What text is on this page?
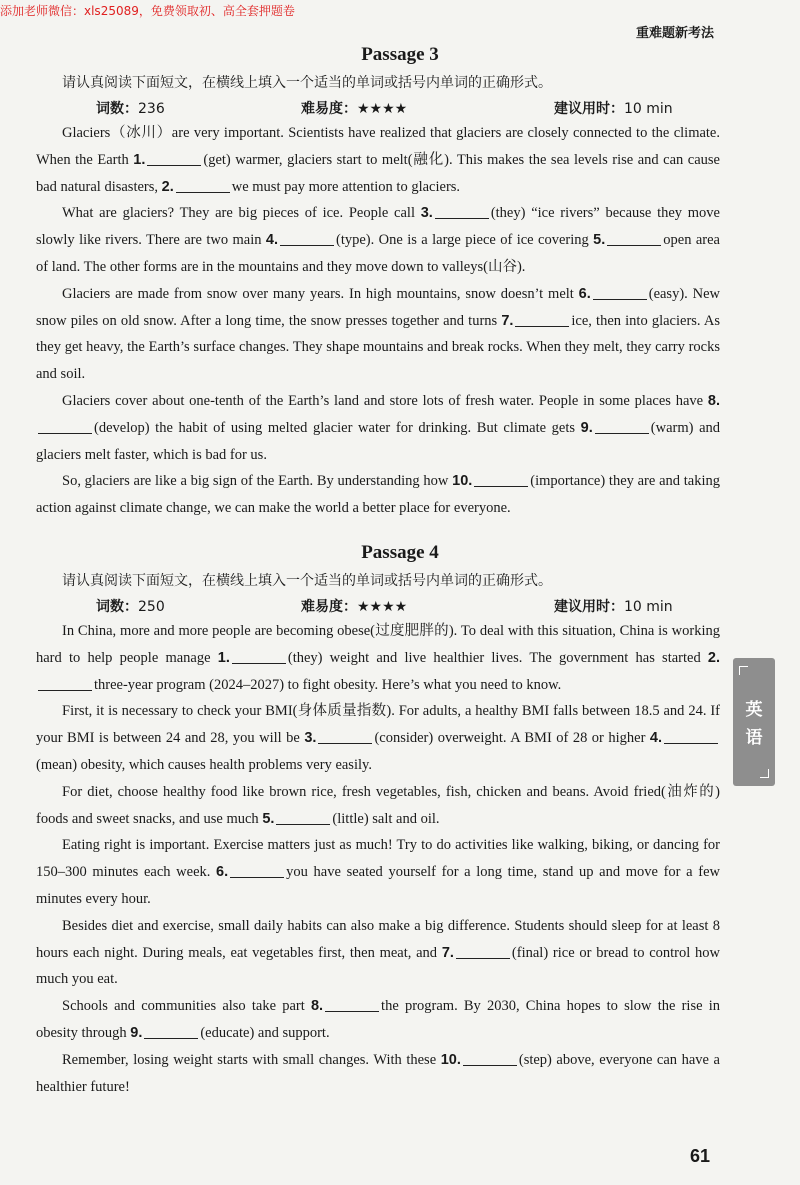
添加老师微信：xls25089，免费领取初、高全套押题卷
重难题新考法
Passage 3
请认真阅读下面短文，在横线上填入一个适当的单词或括号内单词的正确形式。
词数：236	难易度：★★★★	建议用时：10 min

Glaciers（冰川）are very important. Scientists have realized that glaciers are closely connected to the climate. When the Earth 1.	(get) warmer, glaciers start to melt(融化). This makes the sea levels rise and can cause bad natural disasters, 2.	we must pay more attention to glaciers.

What are glaciers? They are big pieces of ice. People call 3.	(they) “ice rivers” because they move slowly like rivers. There are two main 4.	(type). One is a large piece of ice covering 5.	open area of land. The other forms are in the mountains and they move down to valleys(山谷).

Glaciers are made from snow over many years. In high mountains, snow doesn’t melt 6.	(easy). New snow piles on old snow. After a long time, the snow presses together and turns 7.	ice, then into glaciers. As they get heavy, the Earth’s surface changes. They shape mountains and break rocks. When they melt, they carry rocks and soil.

Glaciers cover about one-tenth of the Earth’s land and store lots of fresh water. People in some places have 8.(develop) the habit of using melted glacier water for drinking. But climate gets 9.	(warm) and glaciers melt faster, which is bad for us.

So, glaciers are like a big sign of the Earth. By understanding how 10.	(importance) they are and taking action against climate change, we can make the world a better place for everyone.

Passage 4
请认真阅读下面短文，在横线上填入一个适当的单词或括号内单词的正确形式。
词数：250	难易度：★★★★	建议用时：10 min

In China, more and more people are becoming obese(过度肥胖的). To deal with this situation, China is working hard to help people manage 1.	(they) weight and live healthier lives. The government has started 2.three-year program (2024–2027) to fight obesity. Here’s what you need to know.

First, it is necessary to check your BMI(身体质量指数). For adults, a healthy BMI falls between 18.5 and 24. If your BMI is between 24 and 28, you will be 3.	(consider) overweight. A BMI of 28 or higher 4.(mean) obesity, which causes health problems very easily.

For diet, choose healthy food like brown rice, fresh vegetables, fish, chicken and beans. Avoid fried(油炸的) foods and sweet snacks, and use much 5.	(little) salt and oil.

Eating right is important. Exercise matters just as much! Try to do activities like walking, biking, or dancing for 150–300 minutes each week. 6.	you have seated yourself for a long time, stand up and move for a few minutes every hour.

Besides diet and exercise, small daily habits can also make a big difference. Students should sleep for at least 8 hours each night. During meals, eat vegetables first, then meat, and 7.	(final) rice or bread to control how much you eat.

Schools and communities also take part 8.	the program. By 2030, China hopes to slow the rise in obesity through 9.	(educate) and support.

Remember, losing weight starts with small changes. With these 10.	(step) above, everyone can have a healthier future!

英
语
61
